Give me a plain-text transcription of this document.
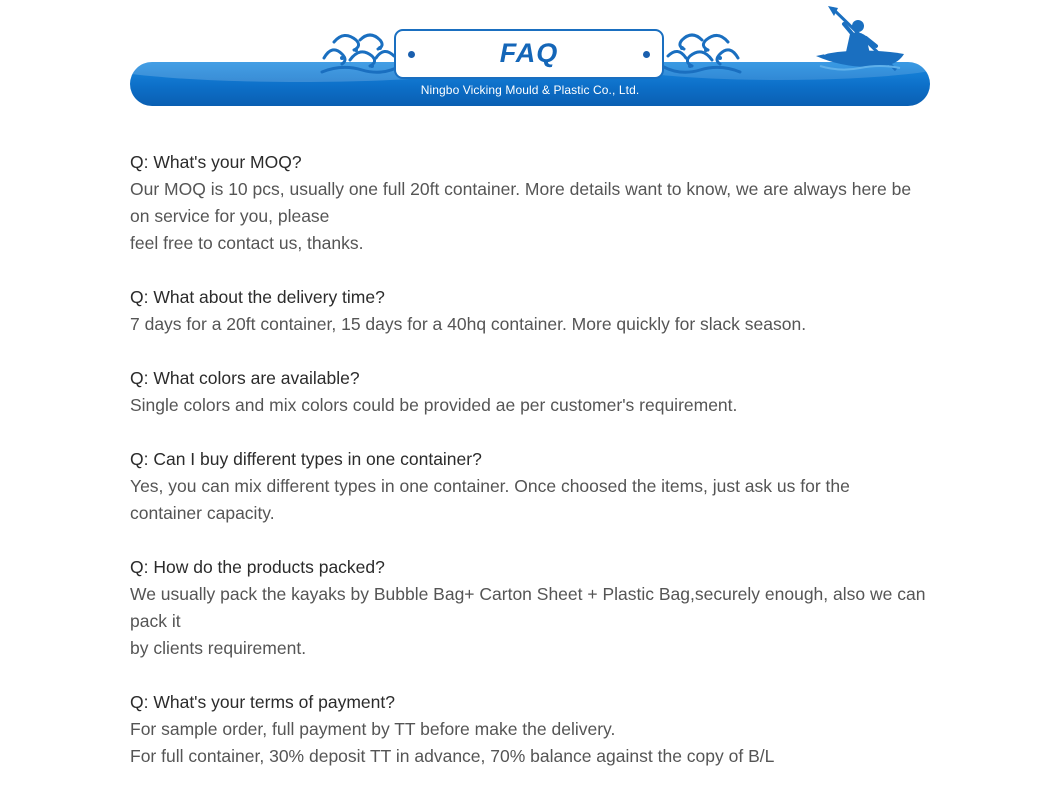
FAQ
Ningbo Vicking Mould & Plastic Co., Ltd.
Q: What's your MOQ?
Our MOQ is 10 pcs, usually one full 20ft container. More details want to know, we are always here be
on service for you, please
feel free to contact us, thanks.
Q: What about the delivery time?
7 days for a 20ft container, 15 days for a 40hq container. More quickly for slack season.
Q: What colors are available?
Single colors and mix colors could be provided ae per customer's requirement.
Q: Can I buy different types in one container?
Yes, you can mix different types in one container. Once choosed the items, just ask us for the
container capacity.
Q: How do the products packed?
We usually pack the kayaks by Bubble Bag+ Carton Sheet + Plastic Bag,securely enough, also we can
pack it
by clients requirement.
Q: What's your terms of payment?
For sample order, full payment by TT before make the delivery.
For full container, 30% deposit TT in advance, 70% balance against the copy of B/L
